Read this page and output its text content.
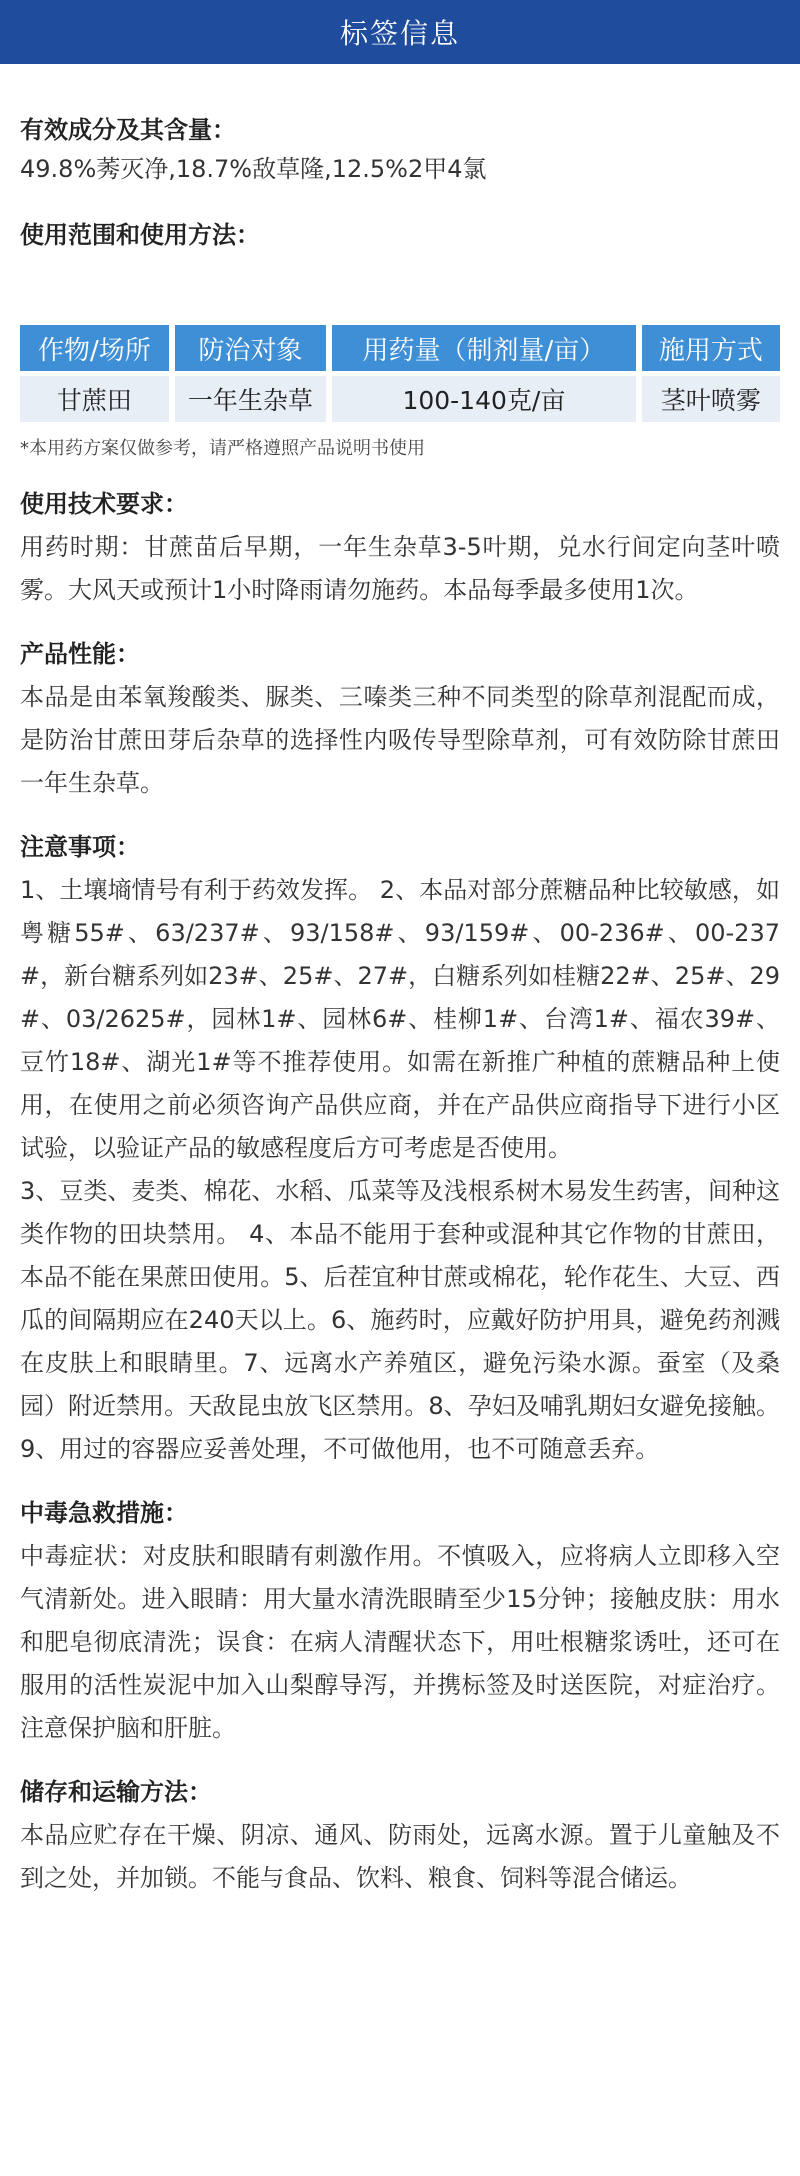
标签信息

有效成分及其含量：

49.8%莠灭净,18.7%敌草隆,12.5%2甲4氯

使用范围和使用方法：

作物/场所	防治对象	用药量（制剂量/亩）	施用方式
甘蔗田	一年生杂草	100-140克/亩	茎叶喷雾

*本用药方案仅做参考，请严格遵照产品说明书使用

使用技术要求：

用药时期：甘蔗苗后早期，一年生杂草3-5叶期，兑水行间定向茎叶喷雾。大风天或预计1小时降雨请勿施药。本品每季最多使用1次。

产品性能：

本品是由苯氧羧酸类、脲类、三嗪类三种不同类型的除草剂混配而成，是防治甘蔗田芽后杂草的选择性内吸传导型除草剂，可有效防除甘蔗田一年生杂草。

注意事项：

1、土壤墒情号有利于药效发挥。 2、本品对部分蔗糖品种比较敏感，如粤糖55#、63/237#、93/158#、93/159#、00-236#、00-237#，新台糖系列如23#、25#、27#，白糖系列如桂糖22#、25#、29#、03/2625#，园林1#、园林6#、桂柳1#、台湾1#、福农39#、豆竹18#、湖光1#等不推荐使用。如需在新推广种植的蔗糖品种上使用，在使用之前必须咨询产品供应商，并在产品供应商指导下进行小区试验，以验证产品的敏感程度后方可考虑是否使用。

3、豆类、麦类、棉花、水稻、瓜菜等及浅根系树木易发生药害，间种这类作物的田块禁用。 4、本品不能用于套种或混种其它作物的甘蔗田，本品不能在果蔗田使用。5、后茬宜种甘蔗或棉花，轮作花生、大豆、西瓜的间隔期应在240天以上。6、施药时，应戴好防护用具，避免药剂溅在皮肤上和眼睛里。7、远离水产养殖区，避免污染水源。蚕室（及桑园）附近禁用。天敌昆虫放飞区禁用。8、孕妇及哺乳期妇女避免接触。9、用过的容器应妥善处理，不可做他用，也不可随意丢弃。

中毒急救措施：

中毒症状：对皮肤和眼睛有刺激作用。不慎吸入，应将病人立即移入空气清新处。进入眼睛：用大量水清洗眼睛至少15分钟；接触皮肤：用水和肥皂彻底清洗；误食：在病人清醒状态下，用吐根糖浆诱吐，还可在服用的活性炭泥中加入山梨醇导泻，并携标签及时送医院，对症治疗。注意保护脑和肝脏。

储存和运输方法：

本品应贮存在干燥、阴凉、通风、防雨处，远离水源。置于儿童触及不到之处，并加锁。不能与食品、饮料、粮食、饲料等混合储运。
